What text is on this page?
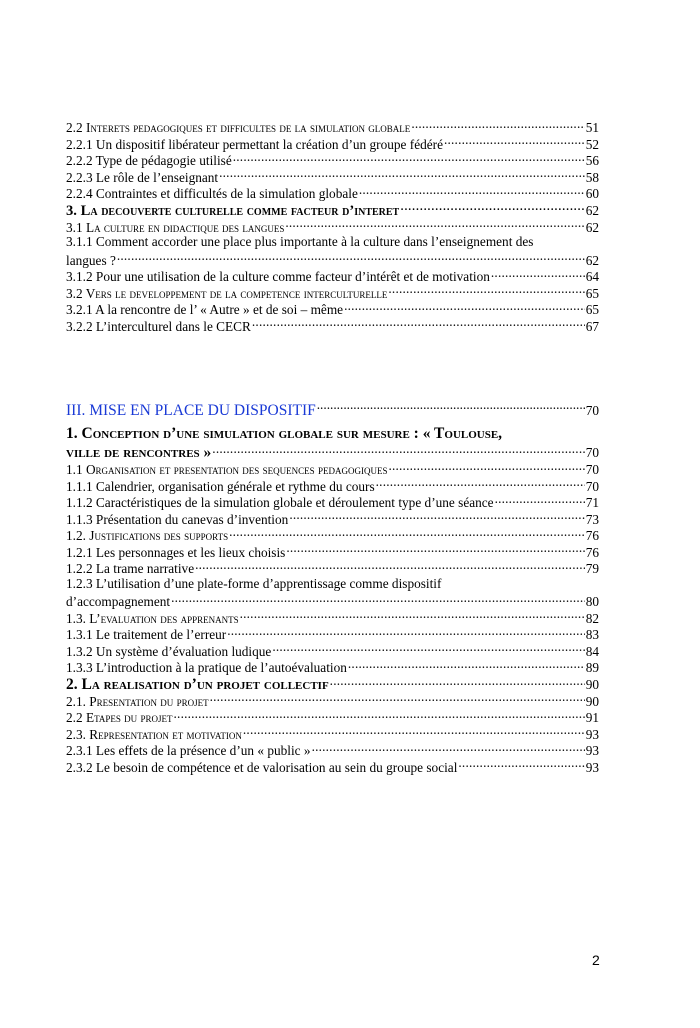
2.2 Interets pedagogiques et difficultes de la simulation globale .....	51
2.2.1 Un dispositif libérateur permettant la création d’un groupe fédéré .....	52
2.2.2 Type de pédagogie utilisé .....	56
2.2.3 Le rôle de l’enseignant .....	58
2.2.4 Contraintes et difficultés de la simulation globale .....	60
3. La decouverte culturelle comme facteur d’interet .....	62
3.1 La culture en didactique des langues .....	62
3.1.1 Comment accorder une place plus importante à la culture dans l’enseignement des
langues ? .....	62
3.1.2 Pour une utilisation de la culture comme facteur d’intérêt et de motivation .....	64
3.2 Vers le developpement de la competence interculturelle .....	65
3.2.1 A la rencontre de l’ « Autre » et de soi – même .....	65
3.2.2 L’interculturel dans le CECR .....	67
III. MISE EN PLACE DU DISPOSITIF .....	70
1. Conception d’une simulation globale sur mesure : « Toulouse,
ville de rencontres » .....	70
1.1 Organisation et presentation des sequences pedagogiques .....	70
1.1.1 Calendrier, organisation générale et rythme du cours .....	70
1.1.2 Caractéristiques de la simulation globale et déroulement type d’une séance .....	71
1.1.3 Présentation du canevas d’invention .....	73
1.2. Justifications des supports .....	76
1.2.1 Les personnages et les lieux choisis .....	76
1.2.2 La trame narrative .....	79
1.2.3 L’utilisation d’une plate-forme d’apprentissage comme dispositif
d’accompagnement .....	80
1.3. L’evaluation des apprenants .....	82
1.3.1 Le traitement de l’erreur .....	83
1.3.2 Un système d’évaluation ludique .....	84
1.3.3 L’introduction à la pratique de l’autoévaluation .....	89
2. La realisation d’un projet collectif .....	90
2.1. Presentation du projet .....	90
2.2 Etapes du projet .....	91
2.3. Representation et motivation .....	93
2.3.1 Les effets de la présence d’un « public » .....	93
2.3.2 Le besoin de compétence et de valorisation au sein du groupe social .....	93
2
